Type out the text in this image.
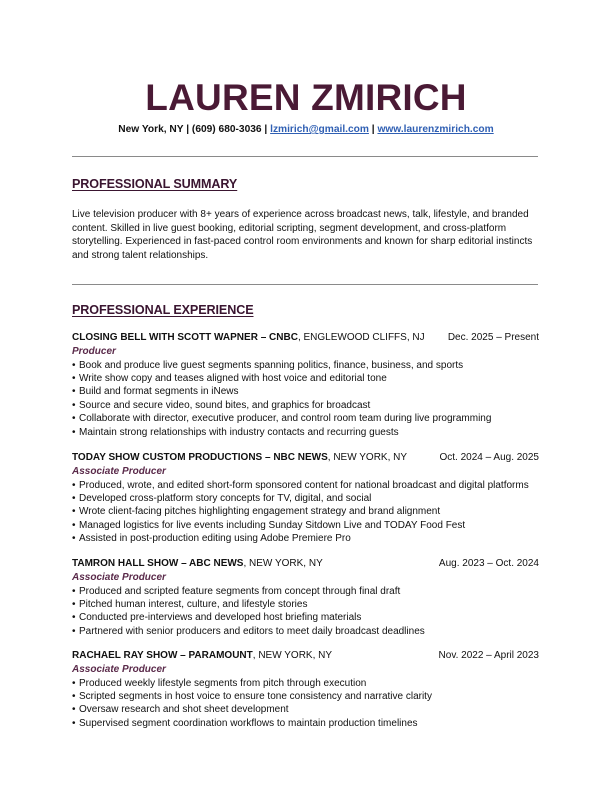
LAUREN ZMIRICH
New York, NY | (609) 680-3036 | lzmirich@gmail.com | www.laurenzmirich.com
PROFESSIONAL SUMMARY

Live television producer with 8+ years of experience across broadcast news, talk, lifestyle, and branded content. Skilled in live guest booking, editorial scripting, segment development, and cross-platform storytelling. Experienced in fast-paced control room environments and known for sharp editorial instincts and strong talent relationships.

PROFESSIONAL EXPERIENCE
CLOSING BELL WITH SCOTT WAPNER – CNBC, ENGLEWOOD CLIFFS, NJ Dec. 2025 – Present
Producer
• Book and produce live guest segments spanning politics, finance, business, and sports
• Write show copy and teases aligned with host voice and editorial tone
• Build and format segments in iNews
• Source and secure video, sound bites, and graphics for broadcast
• Collaborate with director, executive producer, and control room team during live programming
• Maintain strong relationships with industry contacts and recurring guests
TODAY SHOW CUSTOM PRODUCTIONS – NBC NEWS, NEW YORK, NY	Oct. 2024 – Aug. 2025
Associate Producer
• Produced, wrote, and edited short-form sponsored content for national broadcast and digital platforms
• Developed cross-platform story concepts for TV, digital, and social
• Wrote client-facing pitches highlighting engagement strategy and brand alignment
• Managed logistics for live events including Sunday Sitdown Live and TODAY Food Fest
• Assisted in post-production editing using Adobe Premiere Pro
TAMRON HALL SHOW – ABC NEWS, NEW YORK, NY	Aug. 2023 – Oct. 2024
Associate Producer
• Produced and scripted feature segments from concept through final draft
• Pitched human interest, culture, and lifestyle stories
• Conducted pre-interviews and developed host briefing materials
• Partnered with senior producers and editors to meet daily broadcast deadlines
RACHAEL RAY SHOW – PARAMOUNT, NEW YORK, NY	Nov. 2022 – April 2023
Associate Producer
• Produced weekly lifestyle segments from pitch through execution
• Scripted segments in host voice to ensure tone consistency and narrative clarity
• Oversaw research and shot sheet development
• Supervised segment coordination workflows to maintain production timelines
